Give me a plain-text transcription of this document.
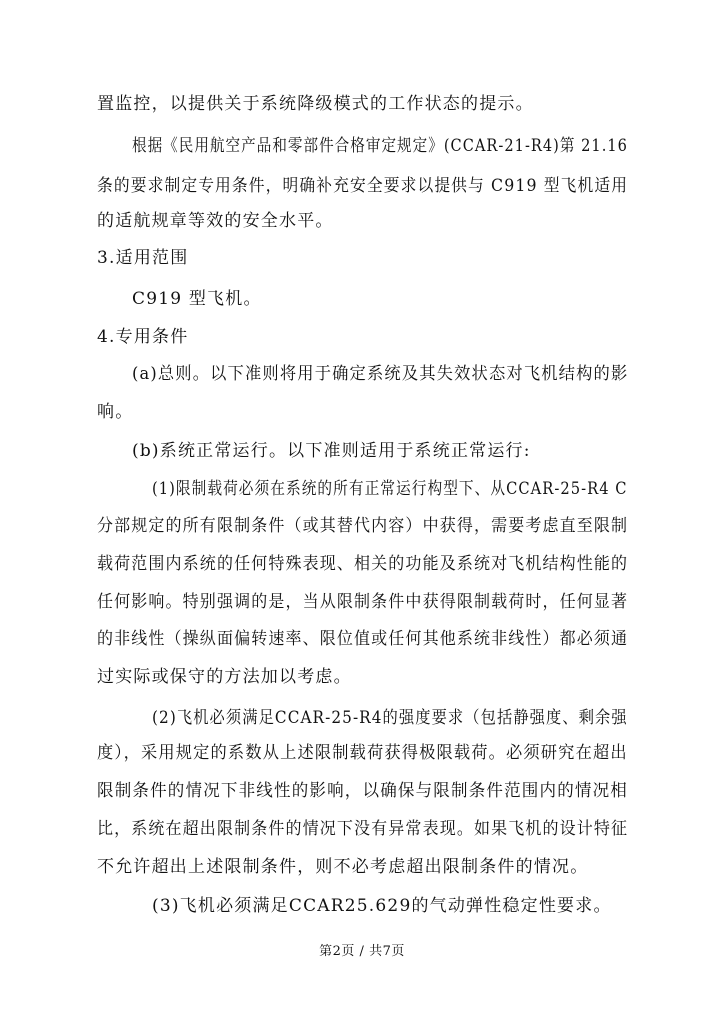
置监控，以提供关于系统降级模式的工作状态的提示。
根据《民用航空产品和零部件合格审定规定》(CCAR-21-R4)第 21.16
条的要求制定专用条件，明确补充安全要求以提供与 C919 型飞机适用
的适航规章等效的安全水平。
3.适用范围
C919 型飞机。
4.专用条件
(a)总则。以下准则将用于确定系统及其失效状态对飞机结构的影
响。
(b)系统正常运行。以下准则适用于系统正常运行:
(1)限制载荷必须在系统的所有正常运行构型下、从CCAR-25-R4 C
分部规定的所有限制条件（或其替代内容）中获得，需要考虑直至限制
载荷范围内系统的任何特殊表现、相关的功能及系统对飞机结构性能的
任何影响。特别强调的是，当从限制条件中获得限制载荷时，任何显著
的非线性（操纵面偏转速率、限位值或任何其他系统非线性）都必须通
过实际或保守的方法加以考虑。
(2)飞机必须满足CCAR-25-R4的强度要求（包括静强度、剩余强
度），采用规定的系数从上述限制载荷获得极限载荷。必须研究在超出
限制条件的情况下非线性的影响，以确保与限制条件范围内的情况相
比，系统在超出限制条件的情况下没有异常表现。如果飞机的设计特征
不允许超出上述限制条件，则不必考虑超出限制条件的情况。
(3)飞机必须满足CCAR25.629的气动弹性稳定性要求。
第2页 / 共7页
